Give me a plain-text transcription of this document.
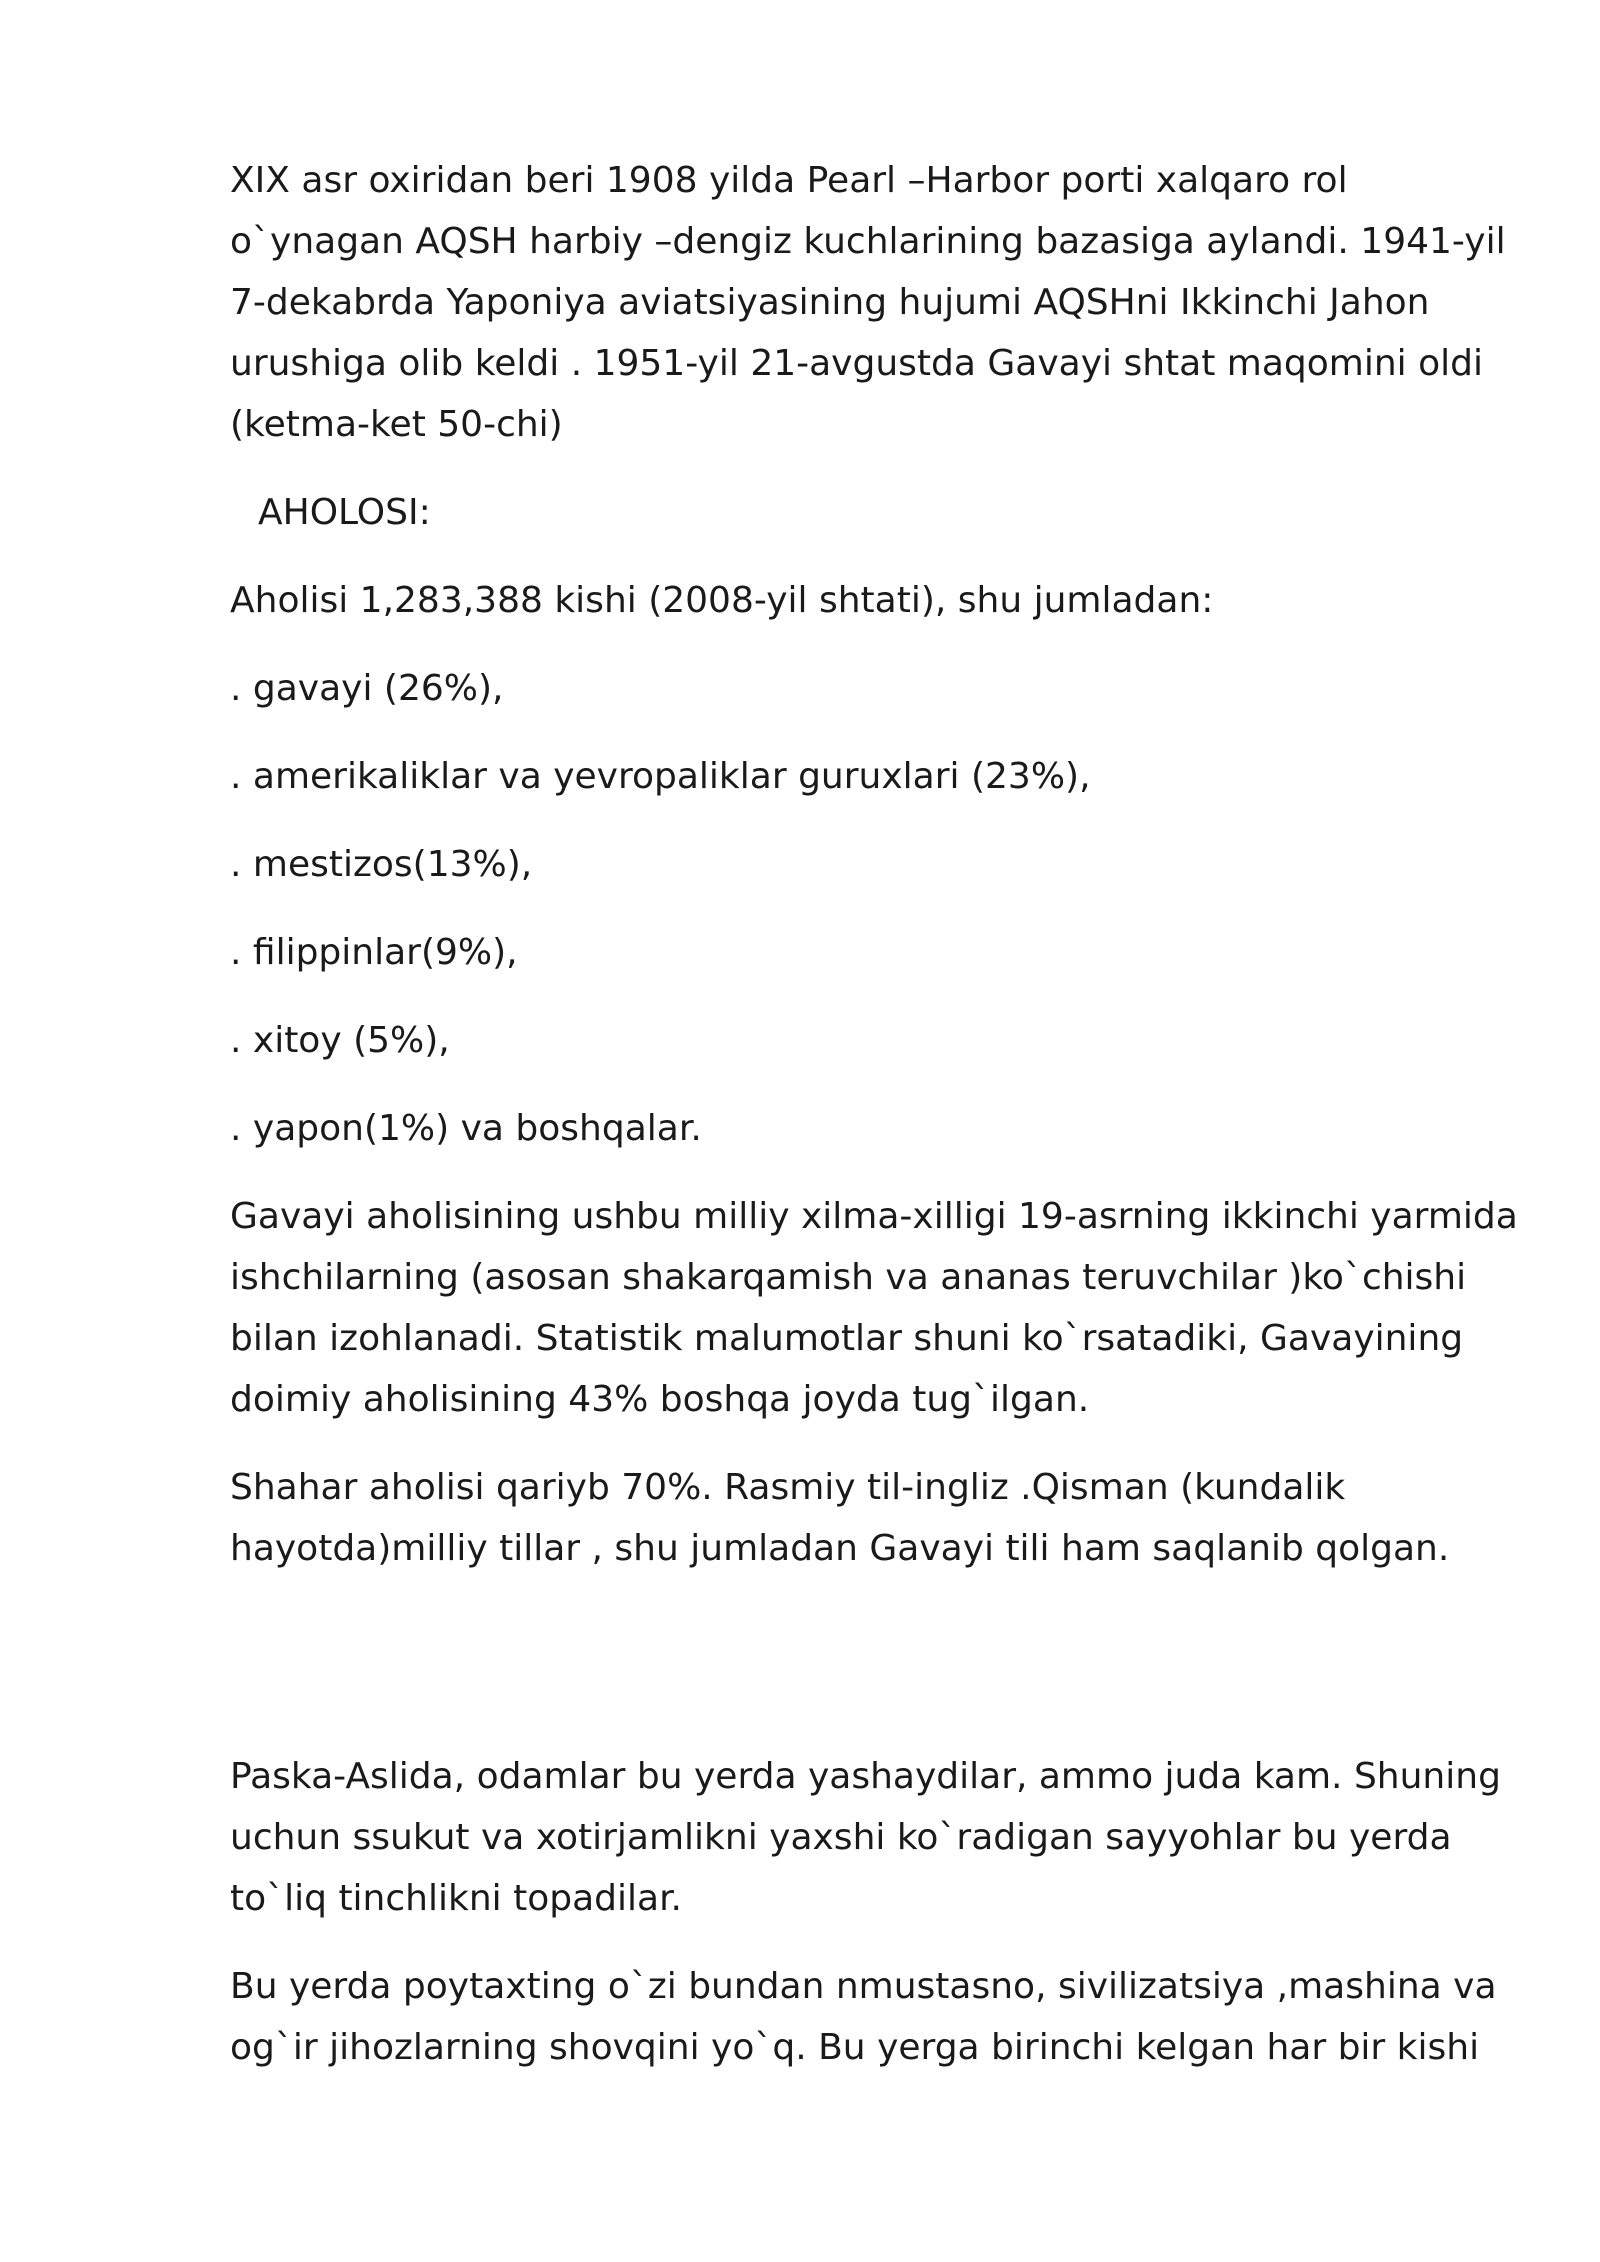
XIX asr oxiridan beri 1908 yilda Pearl –Harbor porti xalqaro rol o`ynagan AQSH harbiy –dengiz kuchlarining bazasiga aylandi. 1941-yil 7-dekabrda Yaponiya aviatsiyasining hujumi AQSHni Ikkinchi Jahon urushiga olib keldi . 1951-yil 21-avgustda Gavayi shtat maqomini oldi (ketma-ket 50-chi)

AHOLOSI:

Aholisi 1,283,388 kishi (2008-yil shtati), shu jumladan:

. gavayi (26%),

. amerikaliklar va yevropaliklar guruxlari (23%),

. mestizos(13%),

. filippinlar(9%),

. xitoy (5%),

. yapon(1%) va boshqalar.

Gavayi aholisining ushbu milliy xilma-xilligi 19-asrning ikkinchi yarmida ishchilarning (asosan shakarqamish va ananas teruvchilar )ko`chishi bilan izohlanadi. Statistik malumotlar shuni ko`rsatadiki, Gavayining doimiy aholisining 43% boshqa joyda tug`ilgan.

Shahar aholisi qariyb 70%. Rasmiy til-ingliz .Qisman (kundalik hayotda)milliy tillar , shu jumladan Gavayi tili ham saqlanib qolgan.

Paska-Aslida, odamlar bu yerda yashaydilar, ammo juda kam. Shuning uchun ssukut va xotirjamlikni yaxshi ko`radigan sayyohlar bu yerda to`liq tinchlikni topadilar.

Bu yerda poytaxting o`zi bundan nmustasno, sivilizatsiya ,mashina va og`ir jihozlarning shovqini yo`q. Bu yerga birinchi kelgan har bir kishi
